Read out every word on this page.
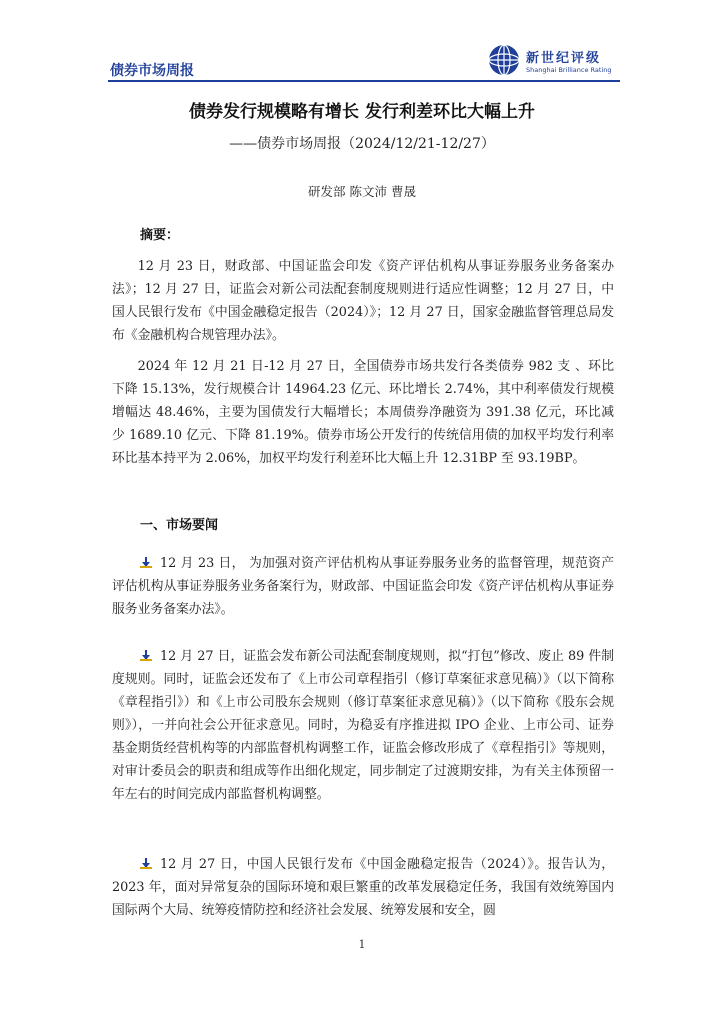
债券市场周报
新世纪评级
Shanghai Brilliance Rating
债券发行规模略有增长 发行利差环比大幅上升
——债券市场周报（2024/12/21-12/27）
研发部 陈文沛 曹晟
摘要：

12 月 23 日，财政部、中国证监会印发《资产评估机构从事证券服务业务备案办法》；12 月 27 日，证监会对新公司法配套制度规则进行适应性调整；12 月 27 日，中国人民银行发布《中国金融稳定报告（2024）》；12 月 27 日，国家金融监督管理总局发布《金融机构合规管理办法》。

2024 年 12 月 21 日-12 月 27 日，全国债券市场共发行各类债券 982 支 、环比下降 15.13%，发行规模合计 14964.23 亿元、环比增长 2.74%，其中利率债发行规模增幅达 48.46%，主要为国债发行大幅增长；本周债券净融资为 391.38 亿元，环比减少 1689.10 亿元、下降 81.19%。债券市场公开发行的传统信用债的加权平均发行利率环比基本持平为 2.06%，加权平均发行利差环比大幅上升 12.31BP 至 93.19BP。

一、市场要闻

12 月 23 日， 为加强对资产评估机构从事证券服务业务的监督管理，规范资产评估机构从事证券服务业务备案行为，财政部、中国证监会印发《资产评估机构从事证券服务业务备案办法》。

12 月 27 日，证监会发布新公司法配套制度规则，拟“打包”修改、废止 89 件制度规则。同时，证监会还发布了《上市公司章程指引（修订草案征求意见稿）》（以下简称《章程指引》）和《上市公司股东会规则（修订草案征求意见稿）》（以下简称《股东会规则》），一并向社会公开征求意见。同时，为稳妥有序推进拟 IPO 企业、上市公司、证券基金期货经营机构等的内部监督机构调整工作，证监会修改形成了《章程指引》等规则，对审计委员会的职责和组成等作出细化规定，同步制定了过渡期安排，为有关主体预留一年左右的时间完成内部监督机构调整。

12 月 27 日，中国人民银行发布《中国金融稳定报告（2024）》。报告认为，2023 年，面对异常复杂的国际环境和艰巨繁重的改革发展稳定任务，我国有效统筹国内国际两个大局、统筹疫情防控和经济社会发展、统筹发展和安全，圆

1
